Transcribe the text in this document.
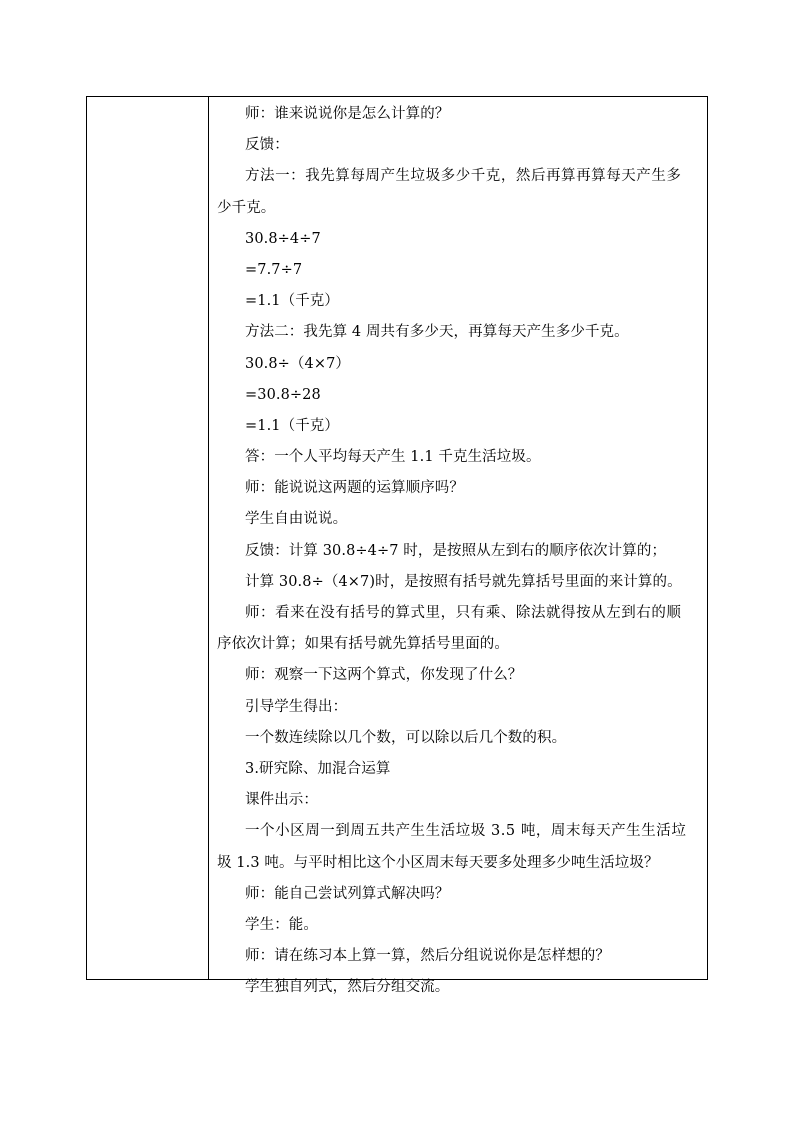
师：谁来说说你是怎么计算的？
反馈：
方法一：我先算每周产生垃圾多少千克，然后再算再算每天产生多
少千克。
30.8÷4÷7
=7.7÷7
=1.1（千克）
方法二：我先算 4 周共有多少天，再算每天产生多少千克。
30.8÷（4×7）
=30.8÷28
=1.1（千克）
答：一个人平均每天产生 1.1 千克生活垃圾。
师：能说说这两题的运算顺序吗？
学生自由说说。
反馈：计算 30.8÷4÷7 时，是按照从左到右的顺序依次计算的；
计算 30.8÷（4×7)时，是按照有括号就先算括号里面的来计算的。
师：看来在没有括号的算式里，只有乘、除法就得按从左到右的顺
序依次计算；如果有括号就先算括号里面的。
师：观察一下这两个算式，你发现了什么？
引导学生得出：
一个数连续除以几个数，可以除以后几个数的积。
3.研究除、加混合运算
课件出示：
一个小区周一到周五共产生生活垃圾 3.5 吨，周末每天产生生活垃
圾 1.3 吨。与平时相比这个小区周末每天要多处理多少吨生活垃圾？
师：能自己尝试列算式解决吗？
学生：能。
师：请在练习本上算一算，然后分组说说你是怎样想的？
学生独自列式，然后分组交流。
